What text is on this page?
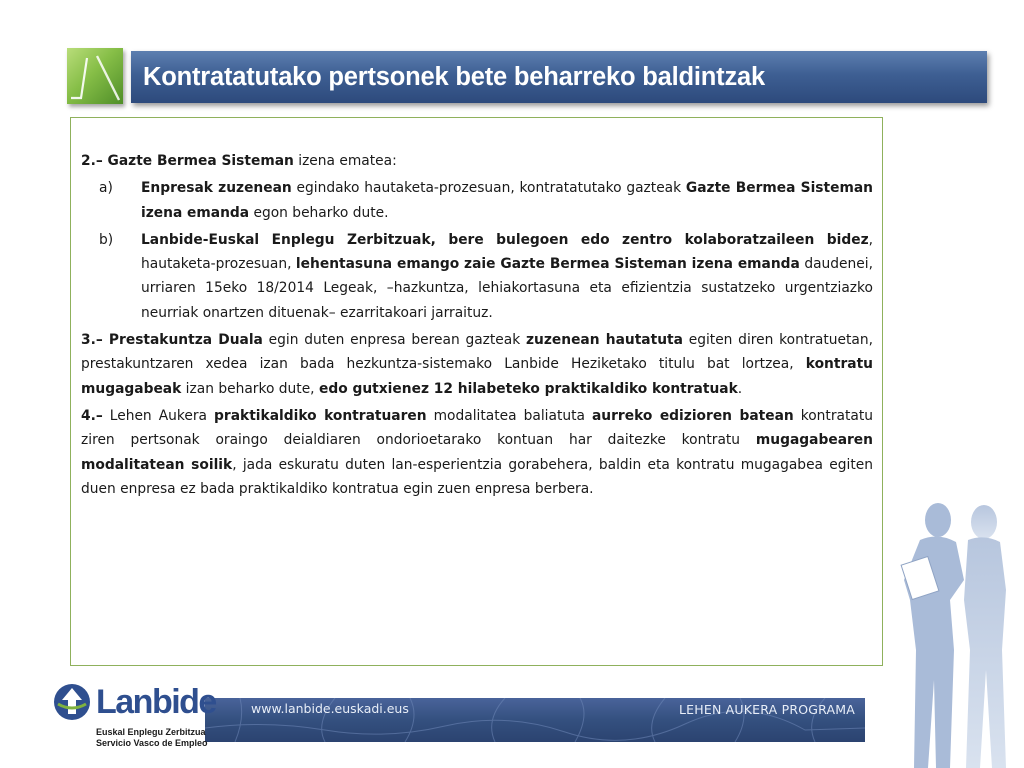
Kontratatutako pertsonek bete beharreko baldintzak
2.– Gazte Bermea Sisteman izena ematea:
a)	Enpresak zuzenean egindako hautaketa-prozesuan, kontratatutako gazteak Gazte Bermea Sisteman izena emanda egon beharko dute.
b)	Lanbide-Euskal Enplegu Zerbitzuak, bere bulegoen edo zentro kolaboratzaileen bidez, hautaketa-prozesuan, lehentasuna emango zaie Gazte Bermea Sisteman izena emanda daudenei, urriaren 15eko 18/2014 Legeak, –hazkuntza, lehiakortasuna eta efizientzia sustatzeko urgentziazko neurriak onartzen dituenak– ezarritakoari jarraituz.
3.– Prestakuntza Duala egin duten enpresa berean gazteak zuzenean hautatuta egiten diren kontratuetan, prestakuntzaren xedea izan bada hezkuntza-sistemako Lanbide Heziketako titulu bat lortzea, kontratu mugagabeak izan beharko dute, edo gutxienez 12 hilabeteko praktikaldiko kontratuak.
4.– Lehen Aukera praktikaldiko kontratuaren modalitatea baliatuta aurreko edizioren batean kontratatu ziren pertsonak oraingo deialdiaren ondorioetarako kontuan har daitezke kontratu mugagabearen modalitatean soilik, jada eskuratu duten lan-esperientzia gorabehera, baldin eta kontratu mugagabea egiten duen enpresa ez bada praktikaldiko kontratua egin zuen enpresa berbera.
www.lanbide.euskadi.eus	LEHEN AUKERA PROGRAMA
Lanbide
Euskal Enplegu Zerbitzua
Servicio Vasco de Empleo
